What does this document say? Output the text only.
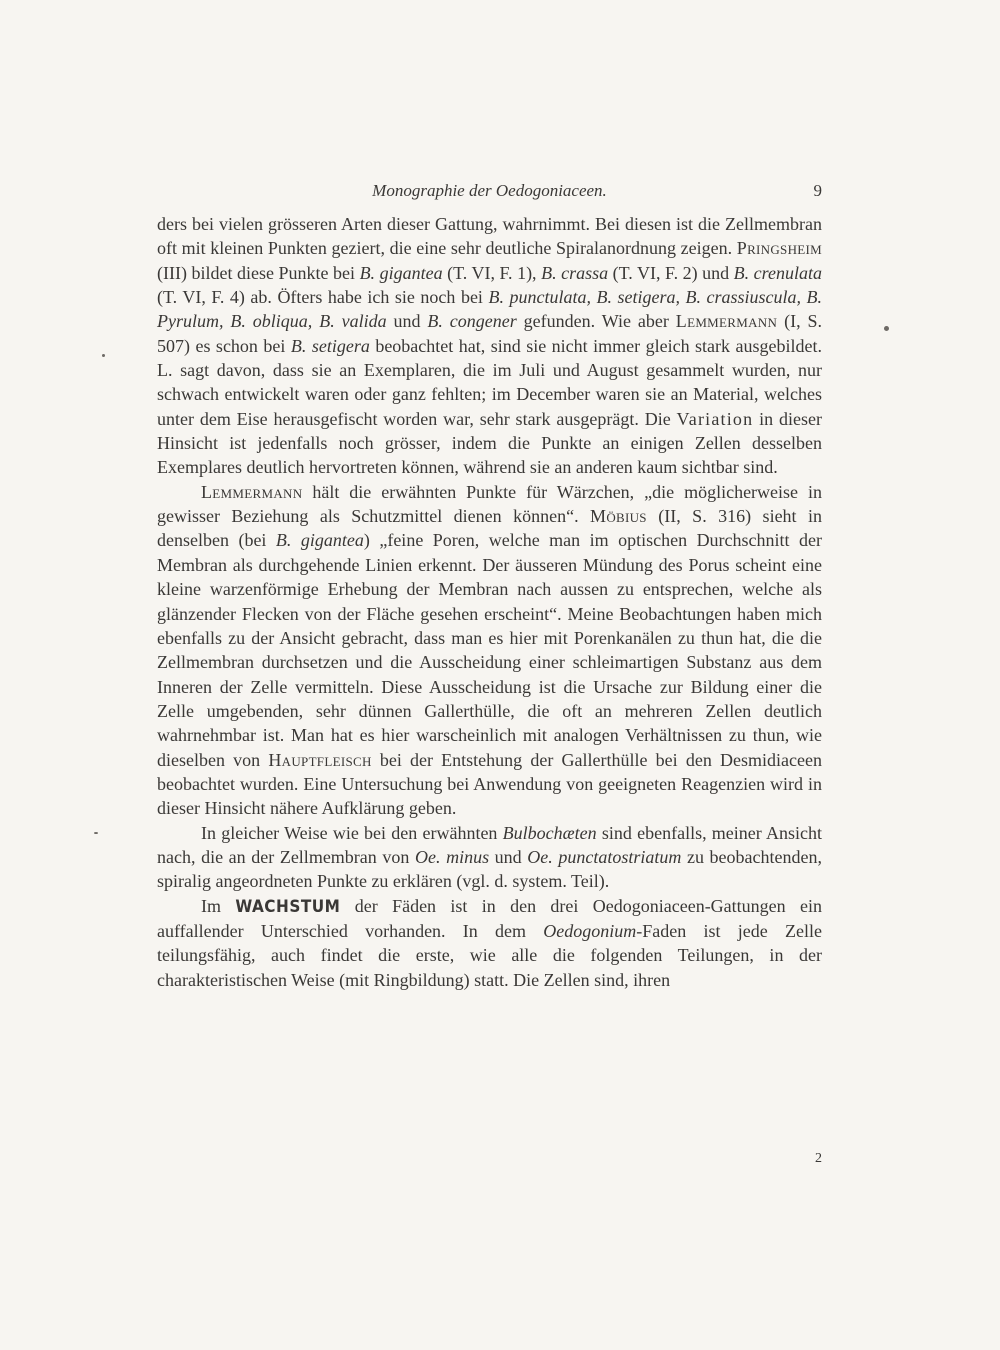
Monographie der Oedogoniaceen.	9

ders bei vielen grösseren Arten dieser Gattung, wahrnimmt. Bei diesen ist die Zellmembran oft mit kleinen Punkten geziert, die eine sehr deutliche Spiralanordnung zeigen. Pringsheim (III) bildet diese Punkte bei B. gigantea (T. VI, F. 1), B. crassa (T. VI, F. 2) und B. crenulata (T. VI, F. 4) ab. Öfters habe ich sie noch bei B. punctulata, B. setigera, B. crassiuscula, B. Pyrulum, B. obliqua, B. valida und B. congener gefunden. Wie aber Lemmermann (I, S. 507) es schon bei B. setigera beobachtet hat, sind sie nicht immer gleich stark ausgebildet. L. sagt davon, dass sie an Exemplaren, die im Juli und August gesammelt wurden, nur schwach entwickelt waren oder ganz fehlten; im December waren sie an Material, welches unter dem Eise herausgefischt worden war, sehr stark ausgeprägt. Die Variation in dieser Hinsicht ist jedenfalls noch grösser, indem die Punkte an einigen Zellen desselben Exemplares deutlich hervortreten können, während sie an anderen kaum sichtbar sind.

Lemmermann hält die erwähnten Punkte für Wärzchen, „die möglicherweise in gewisser Beziehung als Schutzmittel dienen können“. Möbius (II, S. 316) sieht in denselben (bei B. gigantea) „feine Poren, welche man im optischen Durchschnitt der Membran als durchgehende Linien erkennt. Der äusseren Mündung des Porus scheint eine kleine warzenförmige Erhebung der Membran nach aussen zu entsprechen, welche als glänzender Flecken von der Fläche gesehen erscheint“. Meine Beobachtungen haben mich ebenfalls zu der Ansicht gebracht, dass man es hier mit Porenkanälen zu thun hat, die die Zellmembran durchsetzen und die Ausscheidung einer schleimartigen Substanz aus dem Inneren der Zelle vermitteln. Diese Ausscheidung ist die Ursache zur Bildung einer die Zelle umgebenden, sehr dünnen Gallerthülle, die oft an mehreren Zellen deutlich wahrnehmbar ist. Man hat es hier warscheinlich mit analogen Verhältnissen zu thun, wie dieselben von Hauptfleisch bei der Entstehung der Gallerthülle bei den Desmidiaceen beobachtet wurden. Eine Untersuchung bei Anwendung von geeigneten Reagenzien wird in dieser Hinsicht nähere Aufklärung geben.

In gleicher Weise wie bei den erwähnten Bulbochæten sind ebenfalls, meiner Ansicht nach, die an der Zellmembran von Oe. minus und Oe. punctatostriatum zu beobachtenden, spiralig angeordneten Punkte zu erklären (vgl. d. system. Teil).

Im WACHSTUM der Fäden ist in den drei Oedogoniaceen-Gattungen ein auffallender Unterschied vorhanden. In dem Oedogonium-Faden ist jede Zelle teilungsfähig, auch findet die erste, wie alle die folgenden Teilungen, in der charakteristischen Weise (mit Ringbildung) statt. Die Zellen sind, ihren

2
